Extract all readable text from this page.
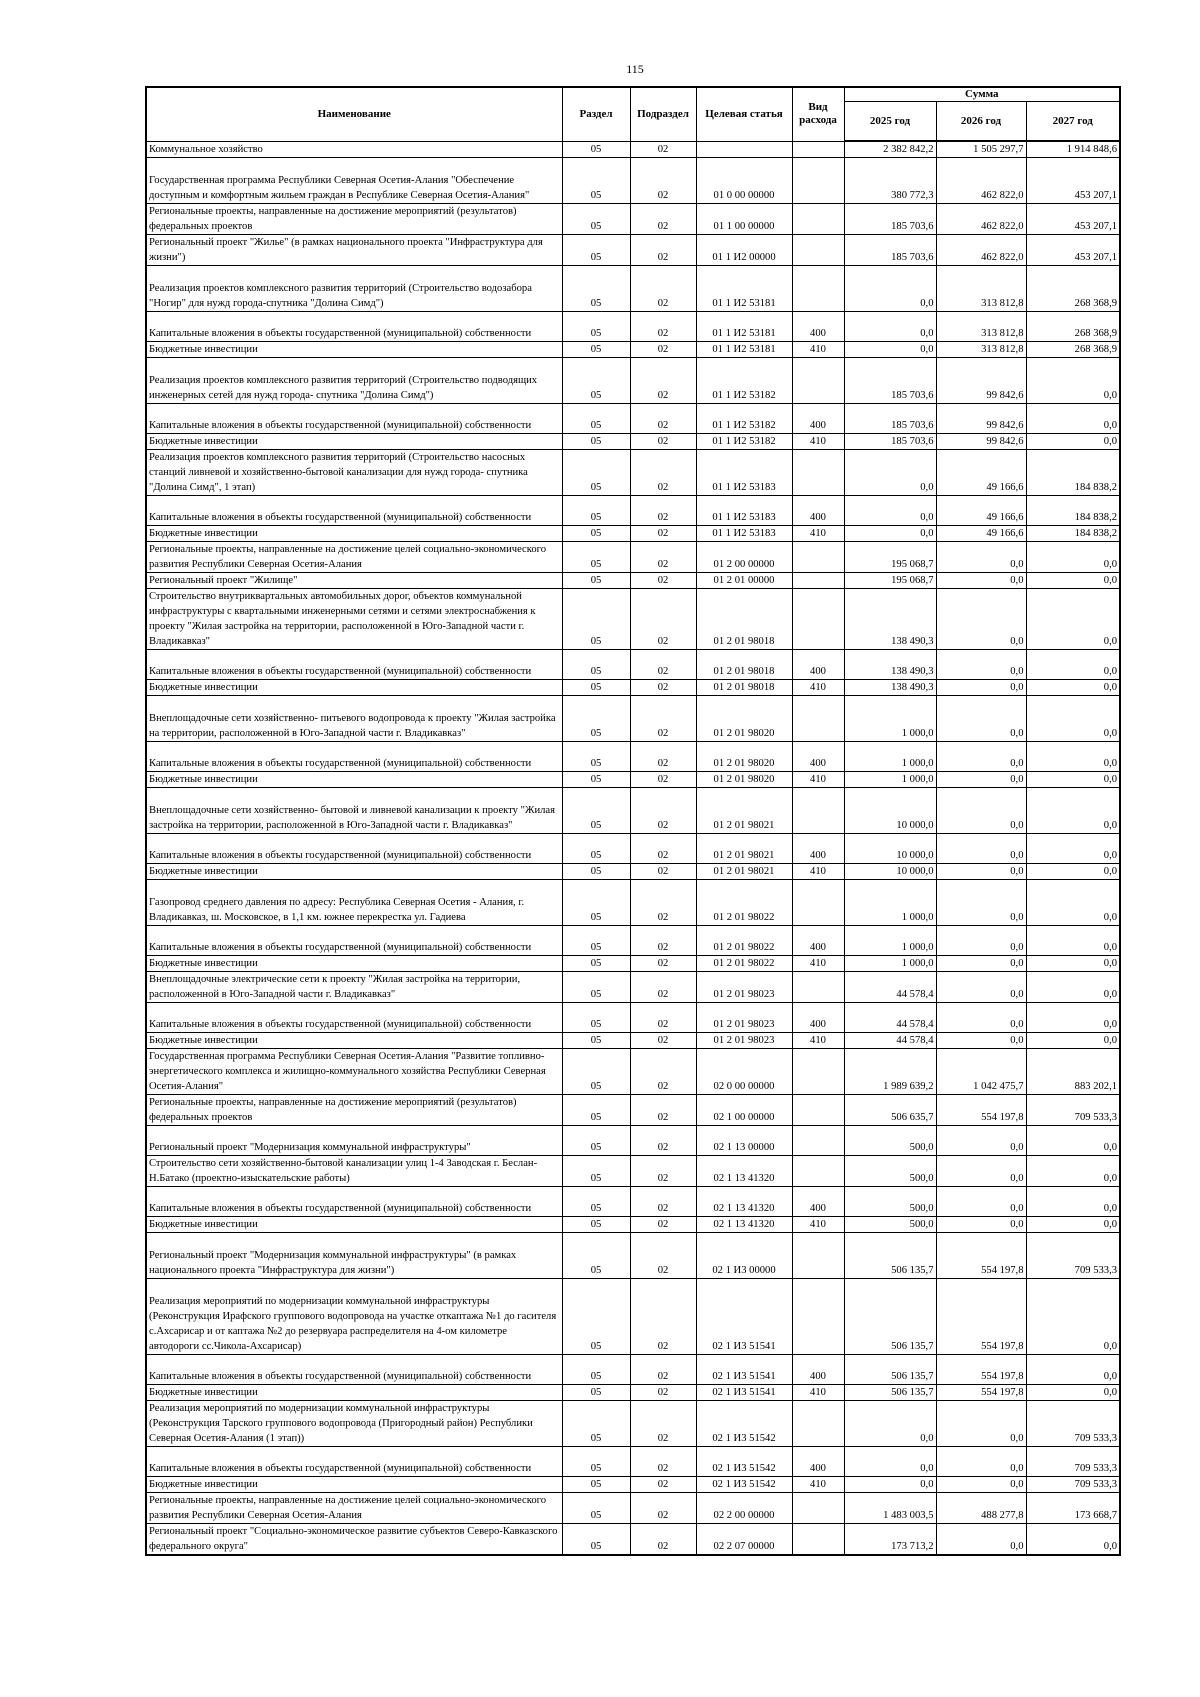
115
Наименование	Раздел	Подраздел	Целевая статья	Вид расхода	Сумма		
					2025 год	2026 год	2027 год
Коммунальное хозяйство	05	02			2 382 842,2	1 505 297,7	1 914 848,6
Государственная программа Республики Северная Осетия-Алания "Обеспечение доступным и комфортным жильем граждан в Республике Северная Осетия-Алания"	05	02	01 0 00 00000		380 772,3	462 822,0	453 207,1
Региональные проекты, направленные на достижение мероприятий (результатов) федеральных проектов	05	02	01 1 00 00000		185 703,6	462 822,0	453 207,1
Региональный проект "Жилье" (в рамках национального проекта "Инфраструктура для жизни")	05	02	01 1 И2 00000		185 703,6	462 822,0	453 207,1
Реализация проектов комплексного развития территорий (Строительство водозабора "Ногир" для нужд города-спутника "Долина Симд")	05	02	01 1 И2 53181		0,0	313 812,8	268 368,9
Капитальные вложения в объекты государственной (муниципальной) собственности	05	02	01 1 И2 53181	400	0,0	313 812,8	268 368,9
Бюджетные инвестиции	05	02	01 1 И2 53181	410	0,0	313 812,8	268 368,9
Реализация проектов комплексного развития территорий (Строительство подводящих инженерных сетей для нужд города- спутника "Долина Симд")	05	02	01 1 И2 53182		185 703,6	99 842,6	0,0
Капитальные вложения в объекты государственной (муниципальной) собственности	05	02	01 1 И2 53182	400	185 703,6	99 842,6	0,0
Бюджетные инвестиции	05	02	01 1 И2 53182	410	185 703,6	99 842,6	0,0
Реализация проектов комплексного развития территорий (Строительство насосных станций ливневой и хозяйственно-бытовой канализации для нужд города- спутника "Долина Симд", 1 этап)	05	02	01 1 И2 53183		0,0	49 166,6	184 838,2
Капитальные вложения в объекты государственной (муниципальной) собственности	05	02	01 1 И2 53183	400	0,0	49 166,6	184 838,2
Бюджетные инвестиции	05	02	01 1 И2 53183	410	0,0	49 166,6	184 838,2
Региональные проекты, направленные на достижение целей социально-экономического развития Республики Северная Осетия-Алания	05	02	01 2 00 00000		195 068,7	0,0	0,0
Региональный проект "Жилище"	05	02	01 2 01 00000		195 068,7	0,0	0,0
Строительство внутриквартальных автомобильных дорог, объектов коммунальной инфраструктуры с квартальными инженерными сетями и сетями электроснабжения к проекту "Жилая застройка на территории, расположенной в Юго-Западной части г. Владикавказ"	05	02	01 2 01 98018		138 490,3	0,0	0,0
Капитальные вложения в объекты государственной (муниципальной) собственности	05	02	01 2 01 98018	400	138 490,3	0,0	0,0
Бюджетные инвестиции	05	02	01 2 01 98018	410	138 490,3	0,0	0,0
Внеплощадочные сети хозяйственно- питьевого водопровода к проекту "Жилая застройка на территории, расположенной в Юго-Западной части г. Владикавказ"	05	02	01 2 01 98020		1 000,0	0,0	0,0
Капитальные вложения в объекты государственной (муниципальной) собственности	05	02	01 2 01 98020	400	1 000,0	0,0	0,0
Бюджетные инвестиции	05	02	01 2 01 98020	410	1 000,0	0,0	0,0
Внеплощадочные сети хозяйственно- бытовой и ливневой канализации к проекту "Жилая застройка на территории, расположенной в Юго-Западной части г. Владикавказ"	05	02	01 2 01 98021		10 000,0	0,0	0,0
Капитальные вложения в объекты государственной (муниципальной) собственности	05	02	01 2 01 98021	400	10 000,0	0,0	0,0
Бюджетные инвестиции	05	02	01 2 01 98021	410	10 000,0	0,0	0,0
Газопровод среднего давления по адресу: Республика Северная Осетия - Алания, г. Владикавказ, ш. Московское, в 1,1 км. южнее перекрестка ул. Гадиева	05	02	01 2 01 98022		1 000,0	0,0	0,0
Капитальные вложения в объекты государственной (муниципальной) собственности	05	02	01 2 01 98022	400	1 000,0	0,0	0,0
Бюджетные инвестиции	05	02	01 2 01 98022	410	1 000,0	0,0	0,0
Внеплощадочные электрические сети к проекту "Жилая застройка на территории, расположенной в Юго-Западной части г. Владикавказ"	05	02	01 2 01 98023		44 578,4	0,0	0,0
Капитальные вложения в объекты государственной (муниципальной) собственности	05	02	01 2 01 98023	400	44 578,4	0,0	0,0
Бюджетные инвестиции	05	02	01 2 01 98023	410	44 578,4	0,0	0,0
Государственная программа Республики Северная Осетия-Алания "Развитие топливно-энергетического комплекса и жилищно-коммунального хозяйства Республики Северная Осетия-Алания"	05	02	02 0 00 00000		1 989 639,2	1 042 475,7	883 202,1
Региональные проекты, направленные на достижение мероприятий (результатов) федеральных проектов	05	02	02 1 00 00000		506 635,7	554 197,8	709 533,3
Региональный проект "Модернизация коммунальной инфраструктуры"	05	02	02 1 13 00000		500,0	0,0	0,0
Строительство сети хозяйственно-бытовой канализации улиц 1-4 Заводская г. Беслан-Н.Батако (проектно-изыскательские работы)	05	02	02 1 13 41320		500,0	0,0	0,0
Капитальные вложения в объекты государственной (муниципальной) собственности	05	02	02 1 13 41320	400	500,0	0,0	0,0
Бюджетные инвестиции	05	02	02 1 13 41320	410	500,0	0,0	0,0
Региональный проект "Модернизация коммунальной инфраструктуры" (в рамках национального проекта "Инфраструктура для жизни")	05	02	02 1 И3 00000		506 135,7	554 197,8	709 533,3
Реализация мероприятий по модернизации коммунальной инфраструктуры (Реконструкция Ирафского группового водопровода на участке откаптажа №1 до гасителя с.Ахсарисар и от каптажа №2 до резервуара распределителя на 4-ом километре автодороги сс.Чикола-Ахсарисар)	05	02	02 1 И3 51541		506 135,7	554 197,8	0,0
Капитальные вложения в объекты государственной (муниципальной) собственности	05	02	02 1 И3 51541	400	506 135,7	554 197,8	0,0
Бюджетные инвестиции	05	02	02 1 И3 51541	410	506 135,7	554 197,8	0,0
Реализация мероприятий по модернизации коммунальной инфраструктуры (Реконструкция Тарского группового водопровода (Пригородный район) Республики Северная Осетия-Алания (1 этап))	05	02	02 1 И3 51542		0,0	0,0	709 533,3
Капитальные вложения в объекты государственной (муниципальной) собственности	05	02	02 1 И3 51542	400	0,0	0,0	709 533,3
Бюджетные инвестиции	05	02	02 1 И3 51542	410	0,0	0,0	709 533,3
Региональные проекты, направленные на достижение целей социально-экономического развития Республики Северная Осетия-Алания	05	02	02 2 00 00000		1 483 003,5	488 277,8	173 668,7
Региональный проект "Социально-экономическое развитие субъектов Северо-Кавказского федерального округа"	05	02	02 2 07 00000		173 713,2	0,0	0,0
